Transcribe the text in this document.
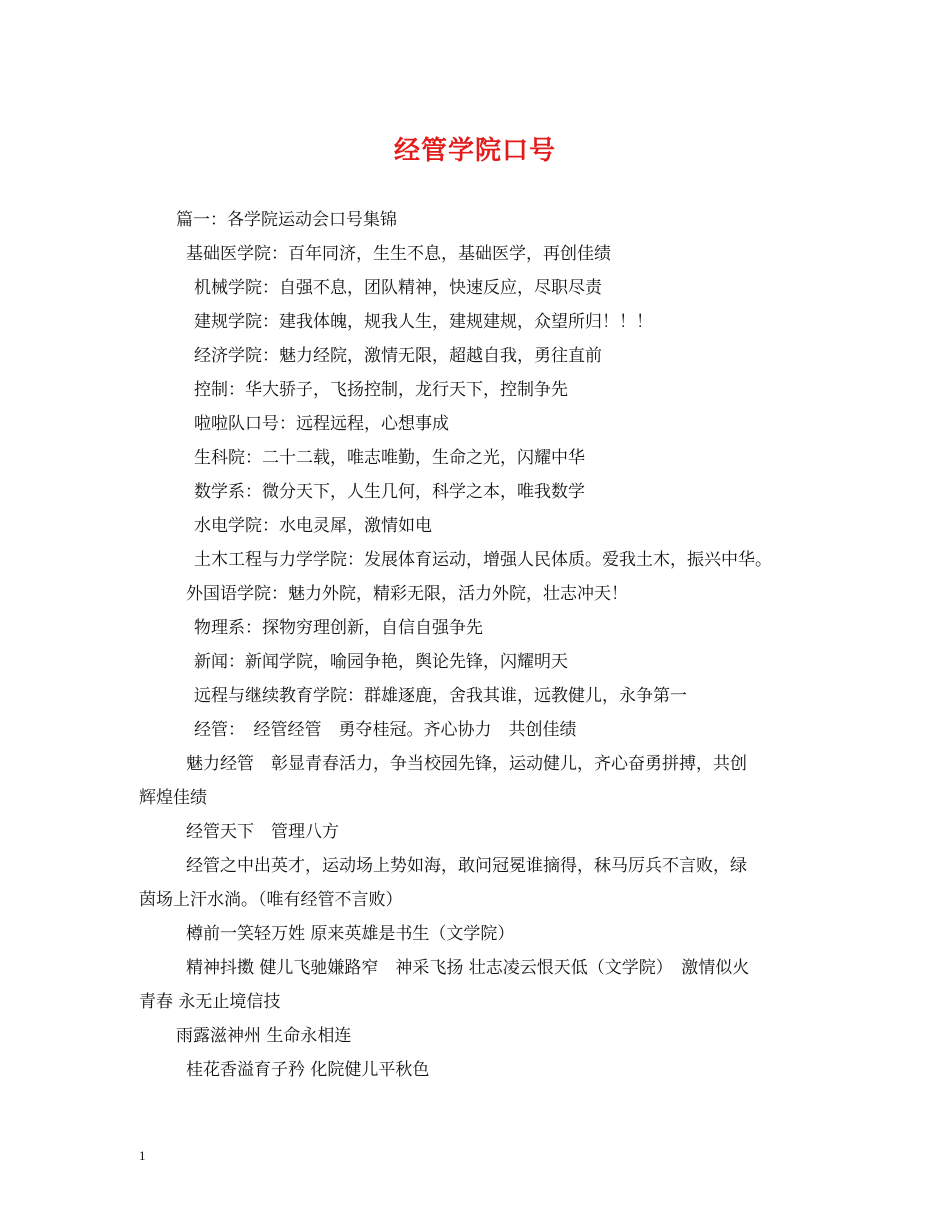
经管学院口号
篇一：各学院运动会口号集锦
基础医学院：百年同济，生生不息，基础医学，再创佳绩
机械学院：自强不息，团队精神，快速反应，尽职尽责
建规学院：建我体魄，规我人生，建规建规，众望所归！！！
经济学院：魅力经院，激情无限，超越自我，勇往直前
控制：华大骄子，飞扬控制，龙行天下，控制争先
啦啦队口号：远程远程，心想事成
生科院：二十二载，唯志唯勤，生命之光，闪耀中华
数学系：微分天下，人生几何，科学之本，唯我数学
水电学院：水电灵犀，激情如电
土木工程与力学学院：发展体育运动，增强人民体质。爱我土木，振兴中华。
外国语学院：魅力外院，精彩无限，活力外院，壮志冲天！
物理系：探物穷理创新，自信自强争先
新闻：新闻学院，喻园争艳，舆论先锋，闪耀明天
远程与继续教育学院：群雄逐鹿，舍我其谁，远教健儿，永争第一
经管：　经管经管　勇夺桂冠。齐心协力　共创佳绩
魅力经管　彰显青春活力，争当校园先锋，运动健儿，齐心奋勇拼搏，共创
辉煌佳绩
经管天下　管理八方
经管之中出英才，运动场上势如海，敢问冠冕谁摘得，秣马厉兵不言败，绿
茵场上汗水淌。（唯有经管不言败）
樽前一笑轻万姓 原来英雄是书生（文学院）
精神抖擞 健儿飞驰嫌路窄　神采飞扬 壮志凌云恨天低（文学院）　激情似火
青春 永无止境信技
雨露滋神州 生命永相连
桂花香溢育子矜 化院健儿平秋色
1
